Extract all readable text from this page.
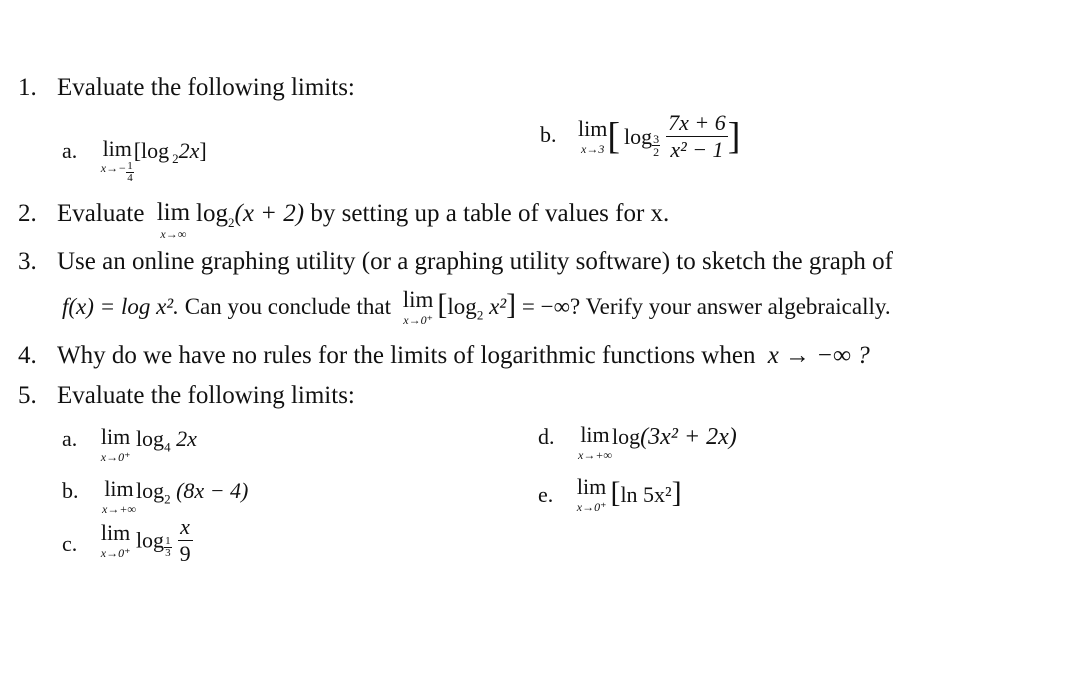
1. Evaluate the following limits:
a. lim
$x\to- \frac{1}{4}$
[log $_2$2x]
b. lim
x→3 [ $\log \frac{3}{2} \frac{7x + 6}{\text{x² − 1}}$ ]
2. Evaluate lim
x→∞
$\log_2(x + 2)$ by setting up a table of values for x.
3. Use an online graphing utility (or a graphing utility software) to sketch the graph of
f(x) = log x². Can you conclude that lim
x→0⁺ [$\log_2$ x²] = −∞? Verify your answer algebraically.
4. Why do we have no rules for the limits of logarithmic functions when x → −∞ ?
5. Evaluate the following limits:
a. lim
x→0⁺
$\log_4 2x$
b. lim
x→+∞
$\log_2 (8x - 4)$
c. lim
x→0⁺
$\log \frac{1}{3} \frac{x}{9}$
d. lim
x→+∞
log(3x² + 2x)
e. lim
x→0⁺ [ln 5x²]
